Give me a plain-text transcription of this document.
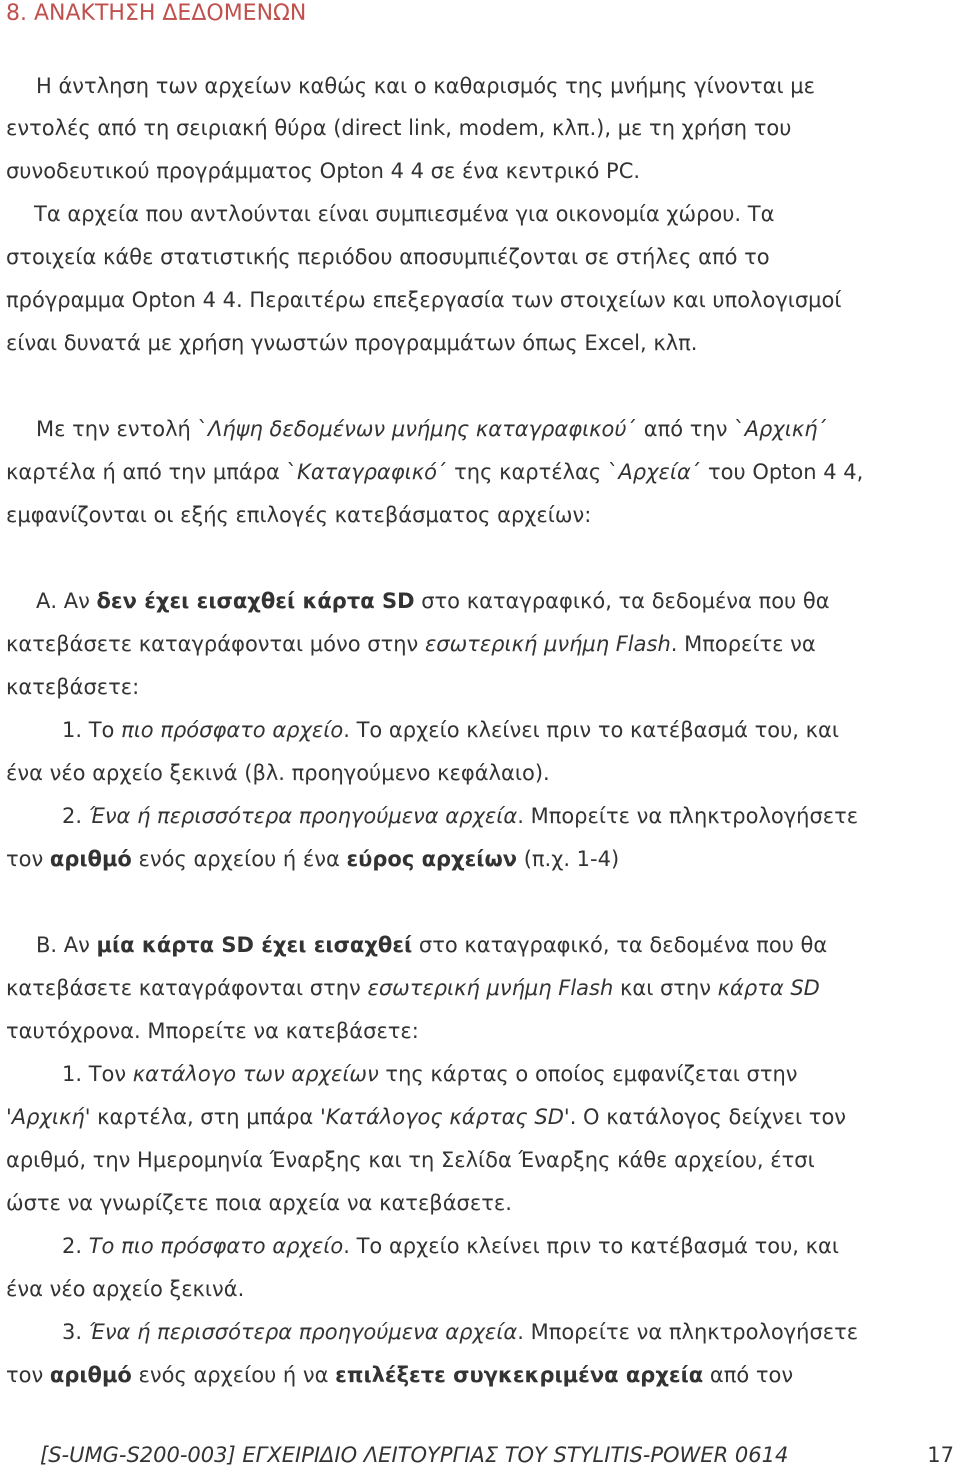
8. ΑΝΑΚΤΗΣΗ ΔΕΔΟΜΕΝΩΝ
Η άντληση των αρχείων καθώς και ο καθαρισμός της μνήμης γίνονται με
εντολές από τη σειριακή θύρα (direct link, modem, κλπ.), με τη χρήση του
συνοδευτικού προγράμματος Opton 4 4 σε ένα κεντρικό PC.
Τα αρχεία που αντλούνται είναι συμπιεσμένα για οικονομία χώρου. Τα
στοιχεία κάθε στατιστικής περιόδου αποσυμπιέζονται σε στήλες από το
πρόγραμμα Opton 4 4. Περαιτέρω επεξεργασία των στοιχείων και υπολογισμοί
είναι δυνατά με χρήση γνωστών προγραμμάτων όπως Excel, κλπ.
Με την εντολή `Λήψη δεδομένων μνήμης καταγραφικού´ από την `Αρχική´
καρτέλα ή από την μπάρα `Καταγραφικό´ της καρτέλας `Αρχεία´ του Opton 4 4,
εμφανίζονται οι εξής επιλογές κατεβάσματος αρχείων:
Α. Αν δεν έχει εισαχθεί κάρτα SD στο καταγραφικό, τα δεδομένα που θα
κατεβάσετε καταγράφονται μόνο στην εσωτερική μνήμη Flash. Μπορείτε να
κατεβάσετε:
1. Το πιο πρόσφατο αρχείο. Το αρχείο κλείνει πριν το κατέβασμά του, και
ένα νέο αρχείο ξεκινά (βλ. προηγούμενο κεφάλαιο).
2. Ένα ή περισσότερα προηγούμενα αρχεία. Μπορείτε να πληκτρολογήσετε
τον αριθμό ενός αρχείου ή ένα εύρος αρχείων (π.χ. 1-4)
Β. Αν μία κάρτα SD έχει εισαχθεί στο καταγραφικό, τα δεδομένα που θα
κατεβάσετε καταγράφονται στην εσωτερική μνήμη Flash και στην κάρτα SD
ταυτόχρονα. Μπορείτε να κατεβάσετε:
1. Τον κατάλογο των αρχείων της κάρτας ο οποίος εμφανίζεται στην
'Αρχική' καρτέλα, στη μπάρα 'Κατάλογος κάρτας SD'. Ο κατάλογος δείχνει τον
αριθμό, την Ημερομηνία Έναρξης και τη Σελίδα Έναρξης κάθε αρχείου, έτσι
ώστε να γνωρίζετε ποια αρχεία να κατεβάσετε.
2. Το πιο πρόσφατο αρχείο. Το αρχείο κλείνει πριν το κατέβασμά του, και
ένα νέο αρχείο ξεκινά.
3. Ένα ή περισσότερα προηγούμενα αρχεία. Μπορείτε να πληκτρολογήσετε
τον αριθμό ενός αρχείου ή να επιλέξετε συγκεκριμένα αρχεία από τον
[S-UMG-S200-003] ΕΓΧΕΙΡΙΔΙΟ ΛΕΙΤΟΥΡΓΙΑΣ ΤΟΥ STYLITIS-POWER 0614	17
